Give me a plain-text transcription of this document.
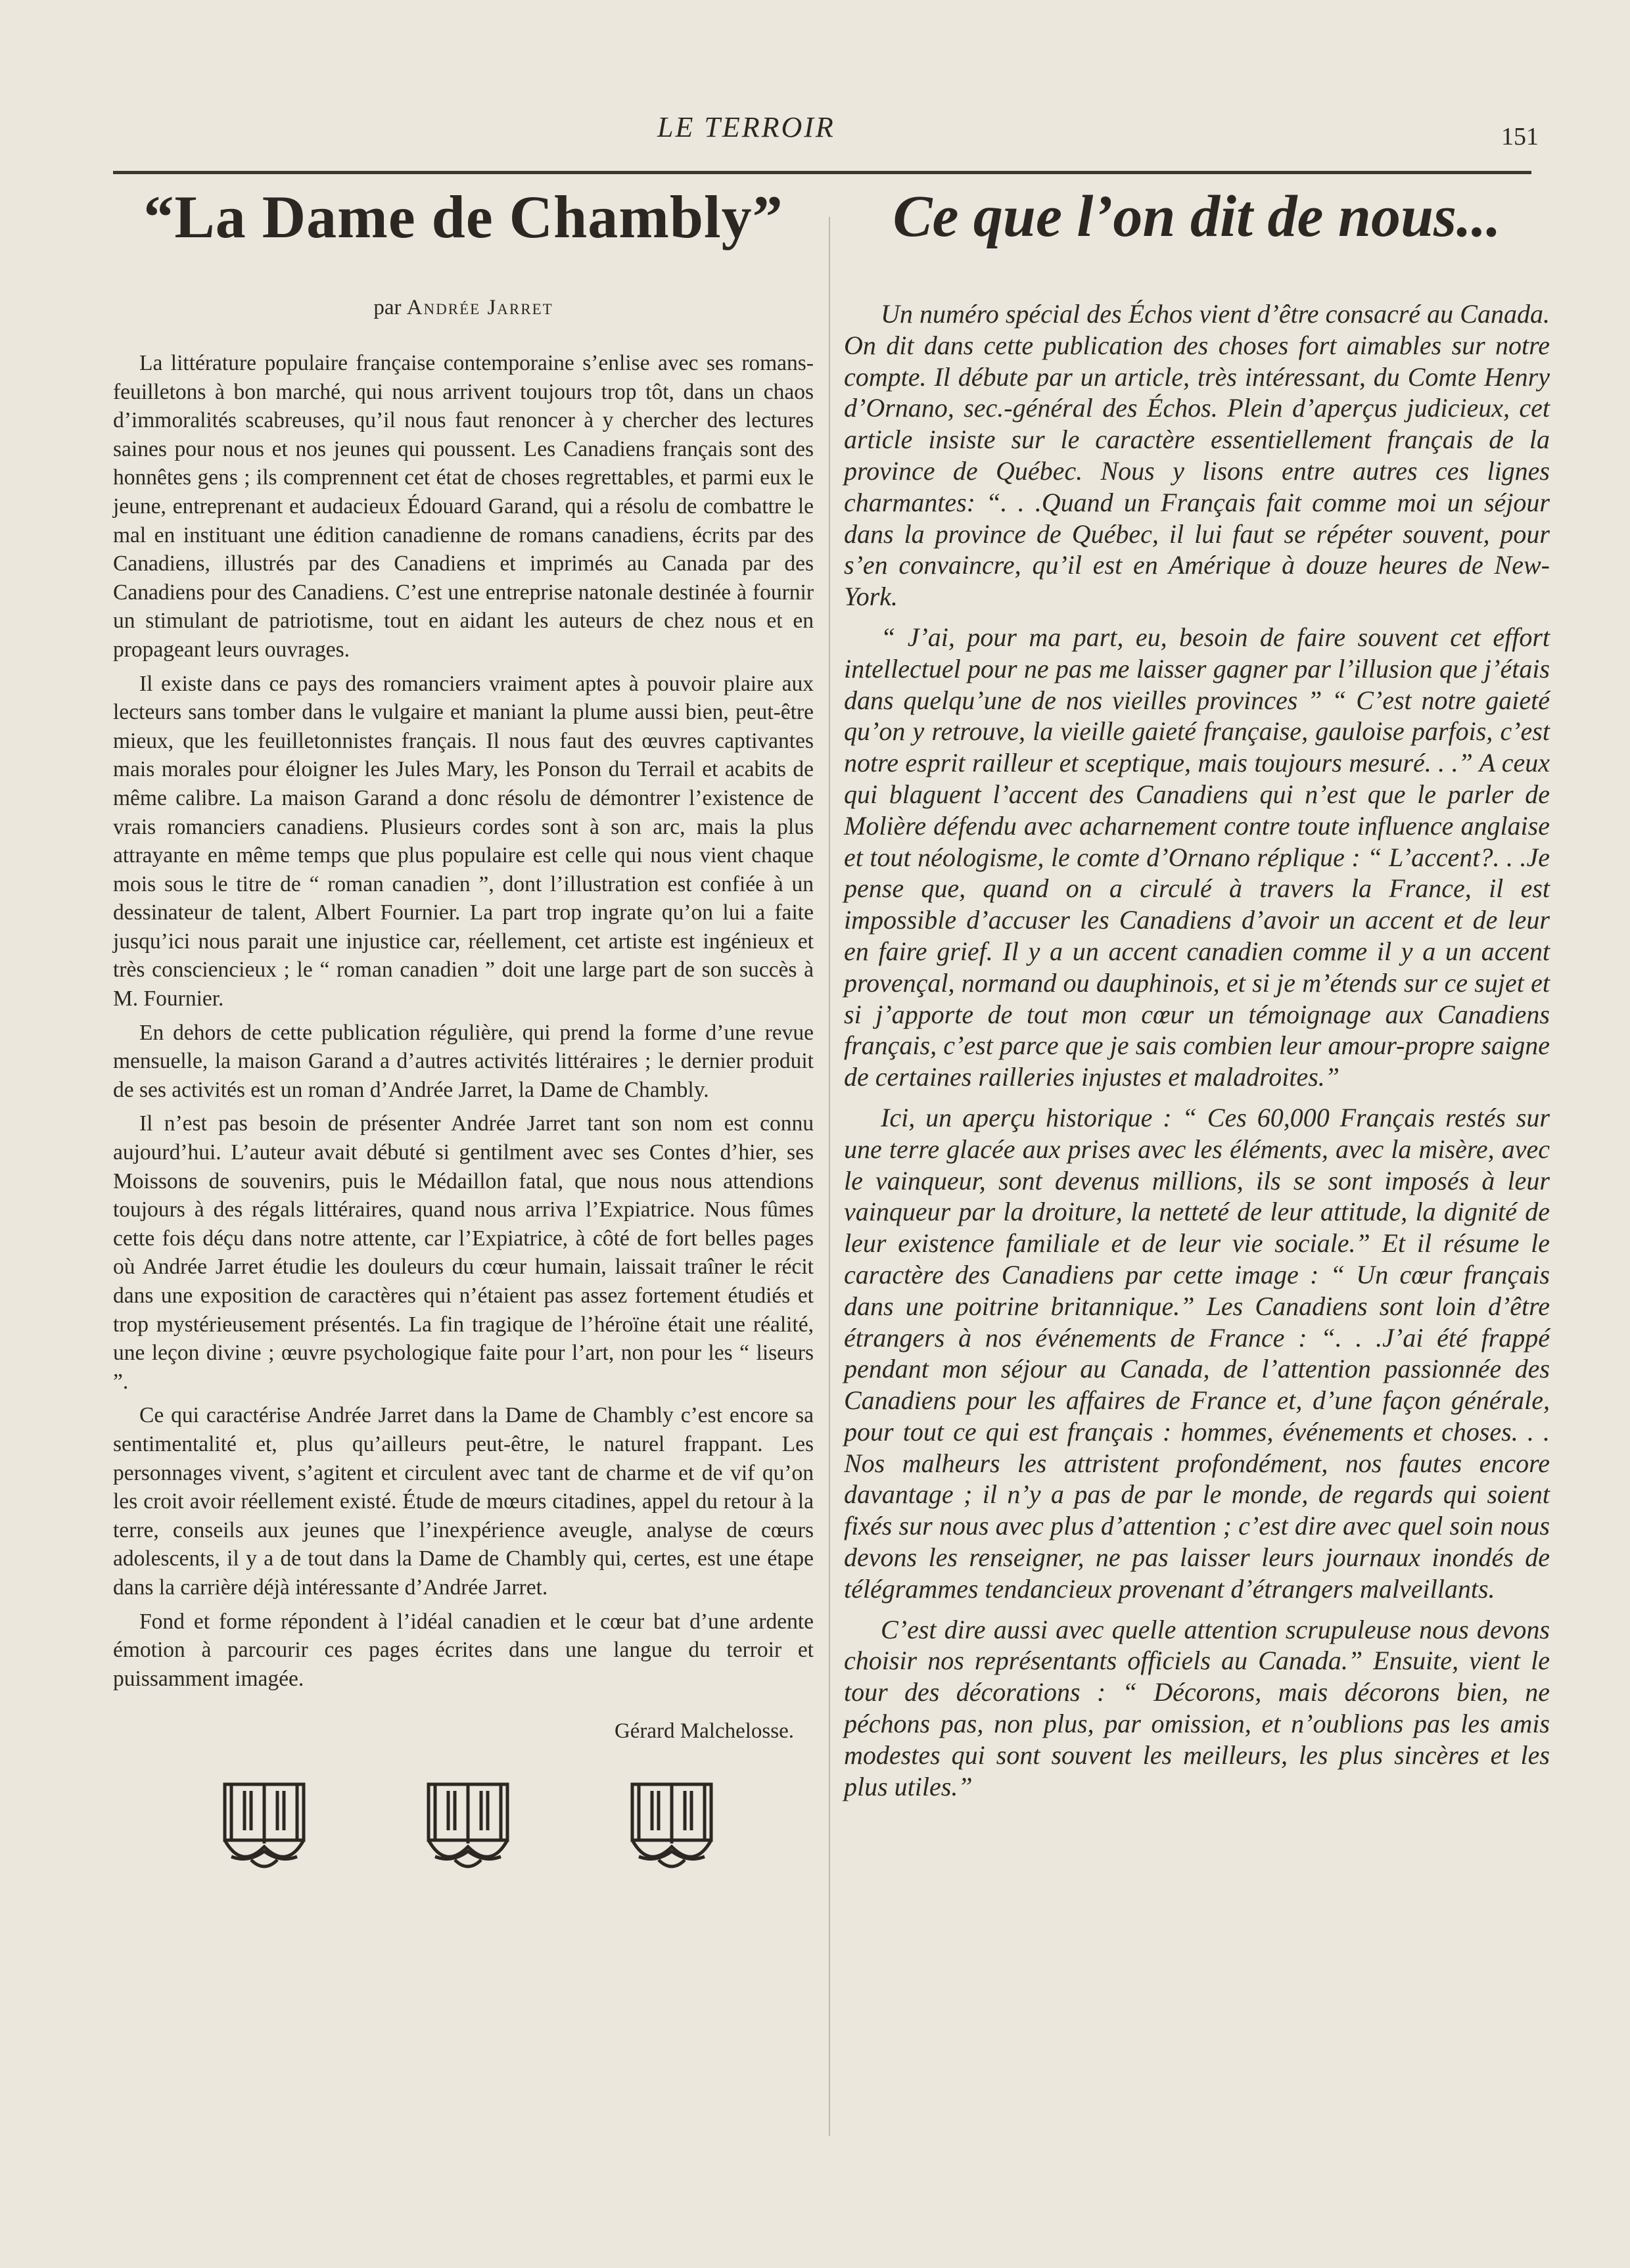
LE TERROIR	151
“La Dame de Chambly”
par Andrée Jarret

La littérature populaire française contemporaine s’enlise avec ses romans-feuilletons à bon marché, qui nous arrivent toujours trop tôt, dans un chaos d’immoralités scabreuses, qu’il nous faut renoncer à y chercher des lectures saines pour nous et nos jeunes qui poussent. Les Canadiens français sont des honnêtes gens ; ils comprennent cet état de choses regrettables, et parmi eux le jeune, entreprenant et audacieux Édouard Garand, qui a résolu de combattre le mal en instituant une édition canadienne de romans canadiens, écrits par des Canadiens, illustrés par des Canadiens et imprimés au Canada par des Canadiens pour des Canadiens. C’est une entreprise natonale destinée à fournir un stimulant de patriotisme, tout en aidant les auteurs de chez nous et en propageant leurs ouvrages.

Il existe dans ce pays des romanciers vraiment aptes à pouvoir plaire aux lecteurs sans tomber dans le vulgaire et maniant la plume aussi bien, peut-être mieux, que les feuilletonnistes français. Il nous faut des œuvres captivantes mais morales pour éloigner les Jules Mary, les Ponson du Terrail et acabits de même calibre. La maison Garand a donc résolu de démontrer l’existence de vrais romanciers canadiens. Plusieurs cordes sont à son arc, mais la plus attrayante en même temps que plus populaire est celle qui nous vient chaque mois sous le titre de “ roman canadien ”, dont l’illustration est confiée à un dessinateur de talent, Albert Fournier. La part trop ingrate qu’on lui a faite jusqu’ici nous parait une injustice car, réellement, cet artiste est ingénieux et très consciencieux ; le “ roman canadien ” doit une large part de son succès à M. Fournier.

En dehors de cette publication régulière, qui prend la forme d’une revue mensuelle, la maison Garand a d’autres activités littéraires ; le dernier produit de ses activités est un roman d’Andrée Jarret, la Dame de Chambly.

Il n’est pas besoin de présenter Andrée Jarret tant son nom est connu aujourd’hui. L’auteur avait débuté si gentilment avec ses Contes d’hier, ses Moissons de souvenirs, puis le Médaillon fatal, que nous nous attendions toujours à des régals littéraires, quand nous arriva l’Expiatrice. Nous fûmes cette fois déçu dans notre attente, car l’Expiatrice, à côté de fort belles pages où Andrée Jarret étudie les douleurs du cœur humain, laissait traîner le récit dans une exposition de caractères qui n’étaient pas assez fortement étudiés et trop mystérieusement présentés. La fin tragique de l’héroïne était une réalité, une leçon divine ; œuvre psychologique faite pour l’art, non pour les “ liseurs ”.

Ce qui caractérise Andrée Jarret dans la Dame de Chambly c’est encore sa sentimentalité et, plus qu’ailleurs peut-être, le naturel frappant. Les personnages vivent, s’agitent et circulent avec tant de charme et de vif qu’on les croit avoir réellement existé. Étude de mœurs citadines, appel du retour à la terre, conseils aux jeunes que l’inexpérience aveugle, analyse de cœurs adolescents, il y a de tout dans la Dame de Chambly qui, certes, est une étape dans la carrière déjà intéressante d’Andrée Jarret.

Fond et forme répondent à l’idéal canadien et le cœur bat d’une ardente émotion à parcourir ces pages écrites dans une langue du terroir et puissamment imagée.

Gérard Malchelosse.
Ce que l’on dit de nous...

Un numéro spécial des Échos vient d’être consacré au Canada. On dit dans cette publication des choses fort aimables sur notre compte. Il débute par un article, très intéressant, du Comte Henry d’Ornano, sec.-général des Échos. Plein d’aperçus judicieux, cet article insiste sur le caractère essentiellement français de la province de Québec. Nous y lisons entre autres ces lignes charmantes: “. . .Quand un Français fait comme moi un séjour dans la province de Québec, il lui faut se répéter souvent, pour s’en convaincre, qu’il est en Amérique à douze heures de New-York.

“ J’ai, pour ma part, eu, besoin de faire souvent cet effort intellectuel pour ne pas me laisser gagner par l’illusion que j’étais dans quelqu’une de nos vieilles provinces ” “ C’est notre gaieté qu’on y retrouve, la vieille gaieté française, gauloise parfois, c’est notre esprit railleur et sceptique, mais toujours mesuré. . .” A ceux qui blaguent l’accent des Canadiens qui n’est que le parler de Molière défendu avec acharnement contre toute influence anglaise et tout néologisme, le comte d’Ornano réplique : “ L’accent?. . .Je pense que, quand on a circulé à travers la France, il est impossible d’accuser les Canadiens d’avoir un accent et de leur en faire grief. Il y a un accent canadien comme il y a un accent provençal, normand ou dauphinois, et si je m’étends sur ce sujet et si j’apporte de tout mon cœur un témoignage aux Canadiens français, c’est parce que je sais combien leur amour-propre saigne de certaines railleries injustes et maladroites.”

Ici, un aperçu historique : “ Ces 60,000 Français restés sur une terre glacée aux prises avec les éléments, avec la misère, avec le vainqueur, sont devenus millions, ils se sont imposés à leur vainqueur par la droiture, la netteté de leur attitude, la dignité de leur existence familiale et de leur vie sociale.” Et il résume le caractère des Canadiens par cette image : “ Un cœur français dans une poitrine britannique.” Les Canadiens sont loin d’être étrangers à nos événements de France : “. . .J’ai été frappé pendant mon séjour au Canada, de l’attention passionnée des Canadiens pour les affaires de France et, d’une façon générale, pour tout ce qui est français : hommes, événements et choses. . . Nos malheurs les attristent profondément, nos fautes encore davantage ; il n’y a pas de par le monde, de regards qui soient fixés sur nous avec plus d’attention ; c’est dire avec quel soin nous devons les renseigner, ne pas laisser leurs journaux inondés de télégrammes tendancieux provenant d’étrangers malveillants.

C’est dire aussi avec quelle attention scrupuleuse nous devons choisir nos représentants officiels au Canada.” Ensuite, vient le tour des décorations : “ Décorons, mais décorons bien, ne péchons pas, non plus, par omission, et n’oublions pas les amis modestes qui sont souvent les meilleurs, les plus sincères et les plus utiles.”
